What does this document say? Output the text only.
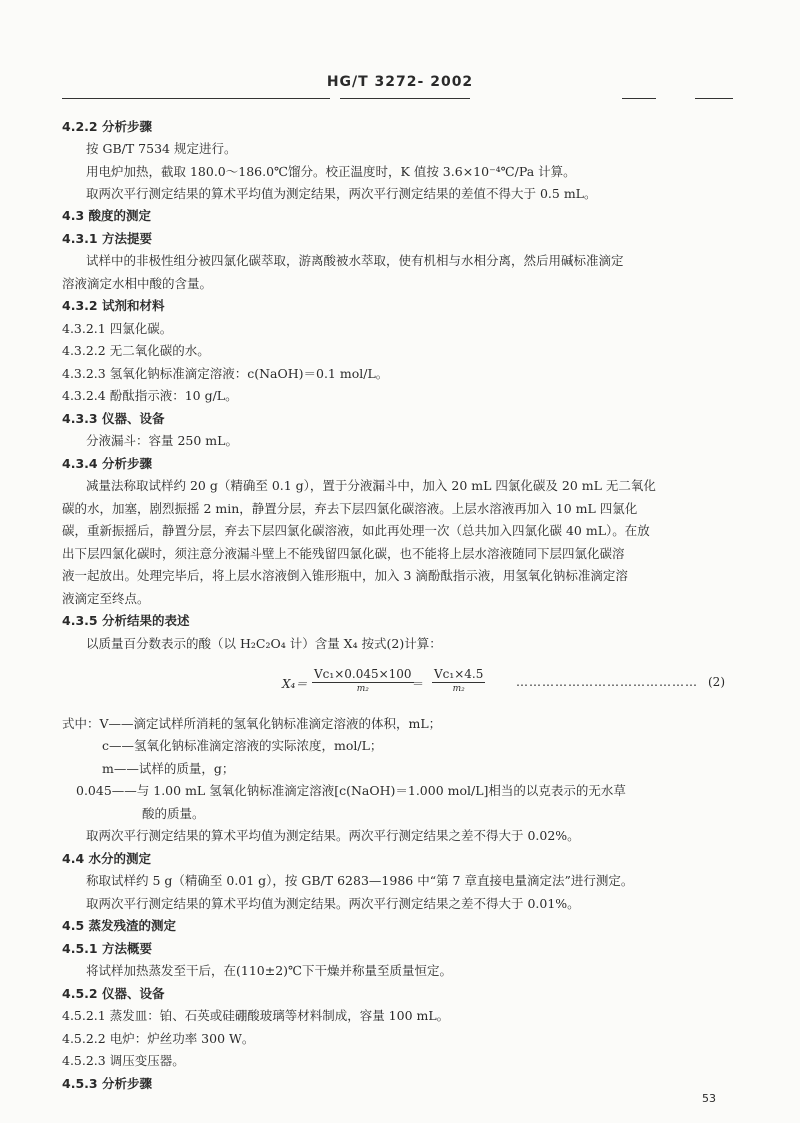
HG/T 3272- 2002
4.2.2 分析步骤
按 GB/T 7534 规定进行。
用电炉加热，截取 180.0～186.0℃馏分。校正温度时，K 值按 3.6×10⁻⁴℃/Pa 计算。
取两次平行测定结果的算术平均值为测定结果，两次平行测定结果的差值不得大于 0.5 mL。
4.3 酸度的测定
4.3.1 方法提要
试样中的非极性组分被四氯化碳萃取，游离酸被水萃取，使有机相与水相分离，然后用碱标准滴定
溶液滴定水相中酸的含量。
4.3.2 试剂和材料
4.3.2.1 四氯化碳。
4.3.2.2 无二氧化碳的水。
4.3.2.3 氢氧化钠标准滴定溶液：c(NaOH)＝0.1 mol/L。
4.3.2.4 酚酞指示液：10 g/L。
4.3.3 仪器、设备
分液漏斗：容量 250 mL。
4.3.4 分析步骤
减量法称取试样约 20 g（精确至 0.1 g），置于分液漏斗中，加入 20 mL 四氯化碳及 20 mL 无二氧化
碳的水，加塞，剧烈振摇 2 min，静置分层，弃去下层四氯化碳溶液。上层水溶液再加入 10 mL 四氯化
碳，重新振摇后，静置分层，弃去下层四氯化碳溶液，如此再处理一次（总共加入四氯化碳 40 mL）。在放
出下层四氯化碳时，须注意分液漏斗壁上不能残留四氯化碳，也不能将上层水溶液随同下层四氯化碳溶
液一起放出。处理完毕后，将上层水溶液倒入锥形瓶中，加入 3 滴酚酞指示液，用氢氧化钠标准滴定溶
液滴定至终点。
4.3.5 分析结果的表述
以质量百分数表示的酸（以 H₂C₂O₄ 计）含量 X₄ 按式(2)计算：
X₄＝
Vc₁×0.045×100
m₂	＝
Vc₁×4.5
m₂	…………………………………… (2)
式中：V——滴定试样所消耗的氢氧化钠标准滴定溶液的体积，mL；
c——氢氧化钠标准滴定溶液的实际浓度，mol/L；
m——试样的质量，g；
0.045——与 1.00 mL 氢氧化钠标准滴定溶液[c(NaOH)＝1.000 mol/L]相当的以克表示的无水草
酸的质量。
取两次平行测定结果的算术平均值为测定结果。两次平行测定结果之差不得大于 0.02%。
4.4 水分的测定
称取试样约 5 g（精确至 0.01 g），按 GB/T 6283—1986 中“第 7 章直接电量滴定法”进行测定。
取两次平行测定结果的算术平均值为测定结果。两次平行测定结果之差不得大于 0.01%。
4.5 蒸发残渣的测定
4.5.1 方法概要
将试样加热蒸发至干后，在(110±2)℃下干燥并称量至质量恒定。
4.5.2 仪器、设备
4.5.2.1 蒸发皿：铂、石英或硅硼酸玻璃等材料制成，容量 100 mL。
4.5.2.2 电炉：炉丝功率 300 W。
4.5.2.3 调压变压器。
4.5.3 分析步骤
53
